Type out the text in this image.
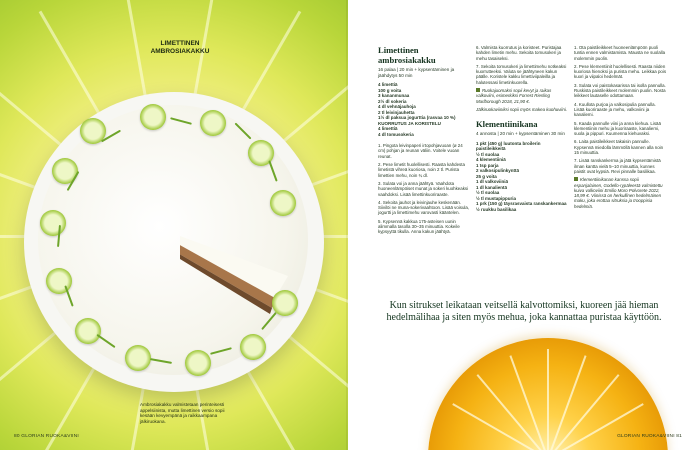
LIMETTINEN AMBROSIAKAKKU
Ambrosiakakku valmistetaan perinteisesti appelsiinista, mutta limettinen versio sopii kesään kevyempänä ja raikkaampana jälkiruokana.
80 GLORIAN RUOKA&VIINI
Limettinen ambrosiakakku
16 palaa | 20 min + kypsentäminen ja jäähdytys 50 min
4 limettiä
100 g voita
3 kananmunaa
2½ dl sokeria
4 dl vehnäjauhoja
2 tl leivinjauhetta
1½ dl paksua jogurttia (rasvaa 10 %)
KUORRUTUS JA KORISTELU
4 limettiä
4 dl tomusokeria

1. Pingota leivinpaperi irtopohjavuoan (ø 24 cm) pohjan ja reunan väliin. Voitele vuoan reunat.

2. Pese limetit huolellisesti. Raasta kahdesta limetistä vihreä kuoriosa, noin 2 tl. Purista limettien mehu, noin ¾ dl.

3. Sulata voi ja anna jäähtyä. Vaahdota huoneenlämpöiset munat ja sokeri kuohkeaksi vaahdoksi. Lisää limettinkuoriraaste.

4. Sekoita jauhot ja leivinjauhe keskenään. Siivilöi ne muna-sokerivaahtoon. Lisää voisula, jogurtti ja limettimehu varovasti kääntelen.

5. Kypsennä kakkua 175-asteisen uunin alimmalla tasolla 30–35 minuuttia. Kokeile kypsyyttä tikulla. Anna kakun jäähtyä.

6. Valmista kuorrutus ja koristeet. Puristajaa kahden limetin mehu. Sekoita tomusokeri ja mehu tasaiseksi.

7. Sekoita tomusokeri ja limettimehu notkeaksi kuorrutteeksi. Valuta se jäähtyneen kakun päälle. Koristele kakku limettiviipaleilla ja halutessasi limetinkuorella.

Ruokajuomaksi sopii kevyt ja raikas valkoviini, esimerkiksi Forrest Riesling Marlborough 2018, 21,90 €.

Jälkiruokaviiniksi sopii myös makea kuohuviini.

Klementiinikana
4 annosta | 20 min + kypsentäminen 30 min
1 pkt (450 g) luutonta broilerin
paistileikkeitä
½ tl suolaa
4 klementiiniä
1 tsp parja
2 valkosipulinkynttä
25 g voita
1 dl valkoviiniä
1 dl kanalientä
½ tl suolaa
½ tl mustapippuria
1 prk (150 g) täysrasvaista ranskankermaa
½ ruukku basilikaa

1. Ota paistileikkeet huoneenlämpöön puoli tuntia ennen valmistamista. Mausta ne suolalla molemmin puolin.

2. Pese klementiinit huolellisesti. Raasta niiden kuoriosa hienoksi ja purista mehu. Leikkaa pois kuori ja viipaloi hedelmät.

3. Sulata voi paistokasarissa tai isolla pannulla. Ruskista paistileikkeet molemmin puolin. Nosta leikkeet lautaselle odottamaan.

4. Kuullota purjoa ja valkosipulia pannulla. Lisää kuoriraaste ja mehu, valkoviini ja kanaliemi.

5. Kaada pannulle viini ja anna kiehua. Lisää klementiinin mehu ja kuoriraaste, kanaliemi, suola ja pippuri. Kuumenna kiehuvaksi.

6. Laita paistileikkeet takaisin pannulle. Kypsennä miedolla lämmöllä kannen alla noin 15 minuuttia.

7. Lisää ranskankerma ja jätä kypsentämistä ilman kantta vielä 5–10 minuuttia, kunnes paistit ovat kypsiä. Revi pinnalle basilikaa.

Klementiinikanan kanssa sopii espanjalainen, Godello-rypäleestä valmistettu kuiva valkoviini Emilio Moro Polvorete 2022, 18,99 €. Viinissä on herkullinen hedelmäinen maku, joka erottaa sitruksia ja trooppisia hedelmiä.

Kun sitrukset leikataan veitsellä kalvottomiksi, kuoreen jää hieman hedelmälihaa ja siten myös mehua, joka kannattaa puristaa käyttöön.
GLORIAN RUOKA&VIINI 81
